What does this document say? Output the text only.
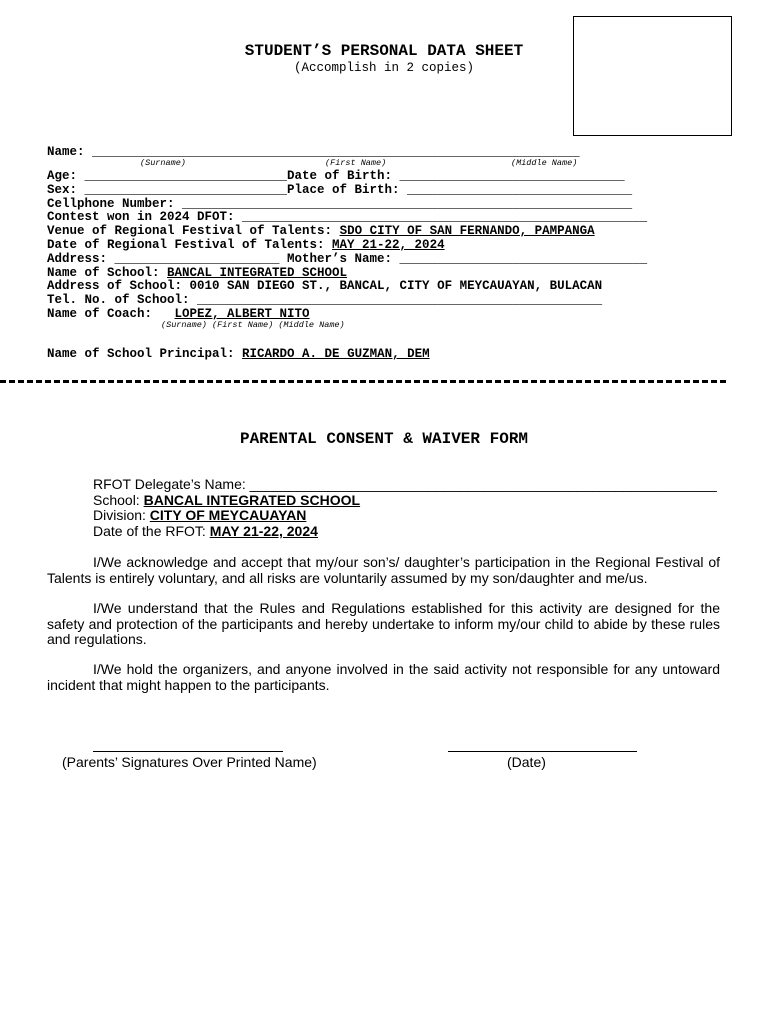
STUDENT’S PERSONAL DATA SHEET
(Accomplish in 2 copies)
Name: _________________________________________________________________
(Surname)	(First Name)	(Middle Name)
Age: ___________________________Date of Birth: ______________________________
Sex: ___________________________Place of Birth: ______________________________
Cellphone Number: ____________________________________________________________
Contest won in 2024 DFOT: ______________________________________________________
Venue of Regional Festival of Talents: SDO CITY OF SAN FERNANDO, PAMPANGA
Date of Regional Festival of Talents: MAY 21-22, 2024
Address: ______________________ Mother’s Name: _________________________________
Name of School: BANCAL INTEGRATED SCHOOL
Address of School: 0010 SAN DIEGO ST., BANCAL, CITY OF MEYCAUAYAN, BULACAN
Tel. No. of School: ______________________________________________________
Name of Coach:   LOPEZ, ALBERT NITO
(Surname) (First Name) (Middle Name)
Name of School Principal: RICARDO A. DE GUZMAN, DEM
PARENTAL CONSENT & WAIVER FORM
RFOT Delegate’s Name: ____________________________________________________________
School: BANCAL INTEGRATED SCHOOL
Division: CITY OF MEYCAUAYAN
Date of the RFOT: MAY 21-22, 2024
I/We acknowledge and accept that my/our son’s/ daughter’s participation in the Regional Festival of Talents is entirely voluntary, and all risks are voluntarily assumed by my son/daughter and me/us.
I/We understand that the Rules and Regulations established for this activity are designed for the safety and protection of the participants and hereby undertake to inform my/our child to abide by these rules and regulations.
I/We hold the organizers, and anyone involved in the said activity not responsible for any untoward incident that might happen to the participants.
(Parents’ Signatures Over Printed Name)	(Date)
